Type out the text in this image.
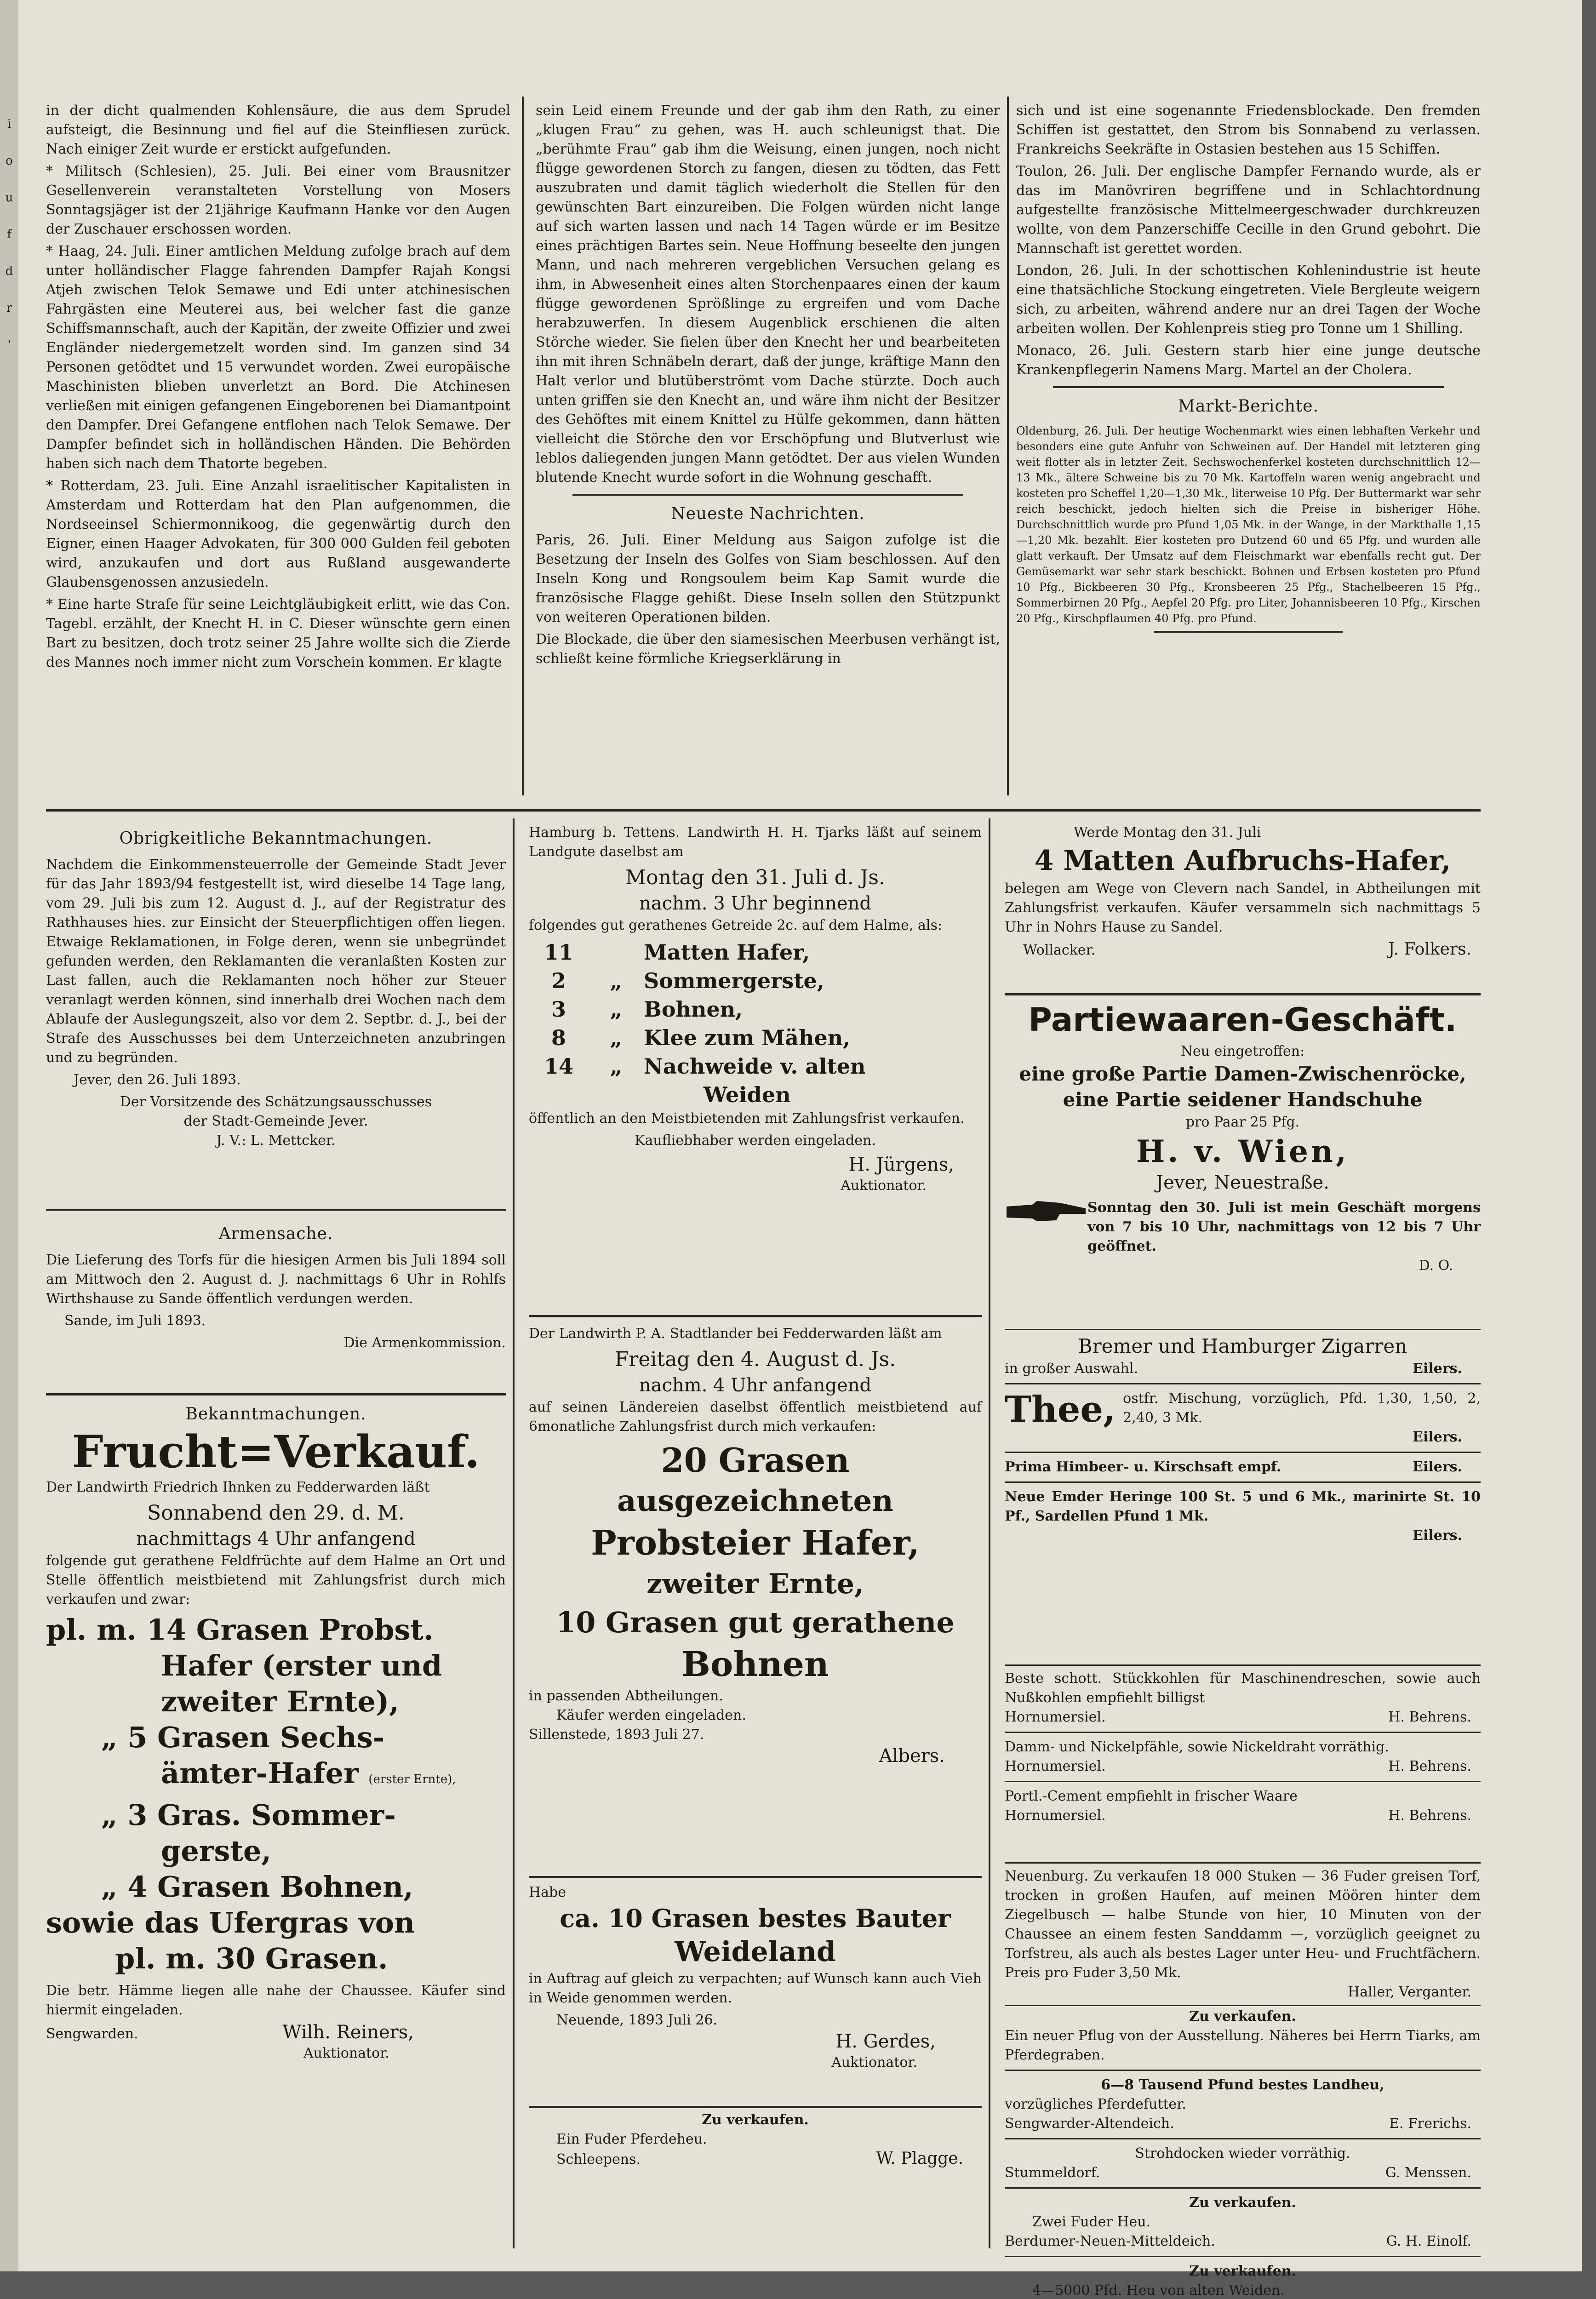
i
o
u
f
d
r
'

in der dicht qualmenden Kohlensäure, die aus dem Sprudel aufsteigt, die Besinnung und fiel auf die Steinfliesen zurück. Nach einiger Zeit wurde er erstickt aufgefunden.

* Militsch (Schlesien), 25. Juli. Bei einer vom Brausnitzer Gesellenverein veranstalteten Vorstellung von Mosers Sonntagsjäger ist der 21jährige Kaufmann Hanke vor den Augen der Zuschauer erschossen worden.

* Haag, 24. Juli. Einer amtlichen Meldung zufolge brach auf dem unter holländischer Flagge fahrenden Dampfer Rajah Kongsi Atjeh zwischen Telok Semawe und Edi unter atchinesischen Fahrgästen eine Meuterei aus, bei welcher fast die ganze Schiffsmannschaft, auch der Kapitän, der zweite Offizier und zwei Engländer niedergemetzelt worden sind. Im ganzen sind 34 Personen getödtet und 15 verwundet worden. Zwei europäische Maschinisten blieben unverletzt an Bord. Die Atchinesen verließen mit einigen gefangenen Eingeborenen bei Diamantpoint den Dampfer. Drei Gefangene entflohen nach Telok Semawe. Der Dampfer befindet sich in holländischen Händen. Die Behörden haben sich nach dem Thatorte begeben.

* Rotterdam, 23. Juli. Eine Anzahl israelitischer Kapitalisten in Amsterdam und Rotterdam hat den Plan aufgenommen, die Nordseeinsel Schiermonnikoog, die gegenwärtig durch den Eigner, einen Haager Advokaten, für 300 000 Gulden feil geboten wird, anzukaufen und dort aus Rußland ausgewanderte Glaubensgenossen anzusiedeln.

* Eine harte Strafe für seine Leichtgläubigkeit erlitt, wie das Con. Tagebl. erzählt, der Knecht H. in C. Dieser wünschte gern einen Bart zu besitzen, doch trotz seiner 25 Jahre wollte sich die Zierde des Mannes noch immer nicht zum Vorschein kommen. Er klagte

sein Leid einem Freunde und der gab ihm den Rath, zu einer „klugen Frau“ zu gehen, was H. auch schleunigst that. Die „berühmte Frau“ gab ihm die Weisung, einen jungen, noch nicht flügge gewordenen Storch zu fangen, diesen zu tödten, das Fett auszubraten und damit täglich wiederholt die Stellen für den gewünschten Bart einzureiben. Die Folgen würden nicht lange auf sich warten lassen und nach 14 Tagen würde er im Besitze eines prächtigen Bartes sein. Neue Hoffnung beseelte den jungen Mann, und nach mehreren vergeblichen Versuchen gelang es ihm, in Abwesenheit eines alten Storchenpaares einen der kaum flügge gewordenen Sprößlinge zu ergreifen und vom Dache herabzuwerfen. In diesem Augenblick erschienen die alten Störche wieder. Sie fielen über den Knecht her und bearbeiteten ihn mit ihren Schnäbeln derart, daß der junge, kräftige Mann den Halt verlor und blutüberströmt vom Dache stürzte. Doch auch unten griffen sie den Knecht an, und wäre ihm nicht der Besitzer des Gehöftes mit einem Knittel zu Hülfe gekommen, dann hätten vielleicht die Störche den vor Erschöpfung und Blutverlust wie leblos daliegenden jungen Mann getödtet. Der aus vielen Wunden blutende Knecht wurde sofort in die Wohnung geschafft.

Neueste Nachrichten.

Paris, 26. Juli. Einer Meldung aus Saigon zufolge ist die Besetzung der Inseln des Golfes von Siam beschlossen. Auf den Inseln Kong und Rongsoulem beim Kap Samit wurde die französische Flagge gehißt. Diese Inseln sollen den Stützpunkt von weiteren Operationen bilden.

Die Blockade, die über den siamesischen Meerbusen verhängt ist, schließt keine förmliche Kriegserklärung in

sich und ist eine sogenannte Friedensblockade. Den fremden Schiffen ist gestattet, den Strom bis Sonnabend zu verlassen. Frankreichs Seekräfte in Ostasien bestehen aus 15 Schiffen.

Toulon, 26. Juli. Der englische Dampfer Fernando wurde, als er das im Manövriren begriffene und in Schlachtordnung aufgestellte französische Mittelmeergeschwader durchkreuzen wollte, von dem Panzerschiffe Cecille in den Grund gebohrt. Die Mannschaft ist gerettet worden.

London, 26. Juli. In der schottischen Kohlenindustrie ist heute eine thatsächliche Stockung eingetreten. Viele Bergleute weigern sich, zu arbeiten, während andere nur an drei Tagen der Woche arbeiten wollen. Der Kohlenpreis stieg pro Tonne um 1 Shilling.

Monaco, 26. Juli. Gestern starb hier eine junge deutsche Krankenpflegerin Namens Marg. Martel an der Cholera.

Markt-Berichte.

Oldenburg, 26. Juli. Der heutige Wochenmarkt wies einen lebhaften Verkehr und besonders eine gute Anfuhr von Schweinen auf. Der Handel mit letzteren ging weit flotter als in letzter Zeit. Sechswochenferkel kosteten durchschnittlich 12—13 Mk., ältere Schweine bis zu 70 Mk. Kartoffeln waren wenig angebracht und kosteten pro Scheffel 1,20—1,30 Mk., literweise 10 Pfg. Der Buttermarkt war sehr reich beschickt, jedoch hielten sich die Preise in bisheriger Höhe. Durchschnittlich wurde pro Pfund 1,05 Mk. in der Wange, in der Markthalle 1,15—1,20 Mk. bezahlt. Eier kosteten pro Dutzend 60 und 65 Pfg. und wurden alle glatt verkauft. Der Umsatz auf dem Fleischmarkt war ebenfalls recht gut. Der Gemüsemarkt war sehr stark beschickt. Bohnen und Erbsen kosteten pro Pfund 10 Pfg., Bickbeeren 30 Pfg., Kronsbeeren 25 Pfg., Stachelbeeren 15 Pfg., Sommerbirnen 20 Pfg., Aepfel 20 Pfg. pro Liter, Johannisbeeren 10 Pfg., Kirschen 20 Pfg., Kirschpflaumen 40 Pfg. pro Pfund.

Obrigkeitliche Bekanntmachungen.

Nachdem die Einkommensteuerrolle der Gemeinde Stadt Jever für das Jahr 1893/94 festgestellt ist, wird dieselbe 14 Tage lang, vom 29. Juli bis zum 12. August d. J., auf der Registratur des Rathhauses hies. zur Einsicht der Steuerpflichtigen offen liegen. Etwaige Reklamationen, in Folge deren, wenn sie unbegründet gefunden werden, den Reklamanten die veranlaßten Kosten zur Last fallen, auch die Reklamanten noch höher zur Steuer veranlagt werden können, sind innerhalb drei Wochen nach dem Ablaufe der Auslegungszeit, also vor dem 2. Septbr. d. J., bei der Strafe des Ausschusses bei dem Unterzeichneten anzubringen und zu begründen.

Jever, den 26. Juli 1893.

Der Vorsitzende des Schätzungsausschusses

der Stadt-Gemeinde Jever.

J. V.: L. Mettcker.

Armensache.

Die Lieferung des Torfs für die hiesigen Armen bis Juli 1894 soll am Mittwoch den 2. August d. J. nachmittags 6 Uhr in Rohlfs Wirthshause zu Sande öffentlich verdungen werden.

Sande, im Juli 1893.

Die Armenkommission.

Bekanntmachungen.
Frucht=Verkauf.

Der Landwirth Friedrich Ihnken zu Fedderwarden läßt

Sonnabend den 29. d. M.
nachmittags 4 Uhr anfangend

folgende gut gerathene Feldfrüchte auf dem Halme an Ort und Stelle öffentlich meistbietend mit Zahlungsfrist durch mich verkaufen und zwar:

pl. m. 14 Grasen Probst.
Hafer (erster und
zweiter Ernte),
„ 5 Grasen Sechs-
ämter-Hafer (erster Ernte),
„ 3 Gras. Sommer-
gerste,
„ 4 Grasen Bohnen,
sowie das Ufergras von
pl. m. 30 Grasen.

Die betr. Hämme liegen alle nahe der Chaussee. Käufer sind hiermit eingeladen.

Sengwarden.	Wilh. Reiners,
Auktionator.

Hamburg b. Tettens. Landwirth H. H. Tjarks läßt auf seinem Landgute daselbst am

Montag den 31. Juli d. Js.
nachm. 3 Uhr beginnend

folgendes gut gerathenes Getreide 2c. auf dem Halme, als:

11	Matten Hafer,
2	„	Sommergerste,
3	„	Bohnen,
8	„	Klee zum Mähen,
14	„	Nachweide v. alten
Weiden

öffentlich an den Meistbietenden mit Zahlungsfrist verkaufen.

Kaufliebhaber werden eingeladen.

H. Jürgens,
Auktionator.

Der Landwirth P. A. Stadtlander bei Fedderwarden läßt am

Freitag den 4. August d. Js.
nachm. 4 Uhr anfangend

auf seinen Ländereien daselbst öffentlich meistbietend auf 6monatliche Zahlungsfrist durch mich verkaufen:

20 Grasen
ausgezeichneten
Probsteier Hafer,
zweiter Ernte,
10 Grasen gut gerathene
Bohnen

in passenden Abtheilungen.

Käufer werden eingeladen.

Sillenstede, 1893 Juli 27.

Albers.

Habe

ca. 10 Grasen bestes Bauter
Weideland

in Auftrag auf gleich zu verpachten; auf Wunsch kann auch Vieh in Weide genommen werden.

Neuende, 1893 Juli 26.

H. Gerdes,
Auktionator.
Zu verkaufen.

Ein Fuder Pferdeheu.

Schleepens.	W. Plagge.
Werde Montag den 31. Juli
4 Matten Aufbruchs-Hafer,

belegen am Wege von Clevern nach Sandel, in Abtheilungen mit Zahlungsfrist verkaufen. Käufer versammeln sich nachmittags 5 Uhr in Nohrs Hause zu Sandel.

Wollacker.	J. Folkers.
Partiewaaren-Geschäft.
Neu eingetroffen:
eine große Partie Damen-Zwischenröcke,
eine Partie seidener Handschuhe
pro Paar 25 Pfg.
H. v. Wien,
Jever, Neuestraße.

Sonntag den 30. Juli ist mein Geschäft morgens von 7 bis 10 Uhr, nachmittags von 12 bis 7 Uhr geöffnet.

D. O.
Bremer und Hamburger Zigarren
in großer Auswahl.	Eilers.
Thee, ostfr. Mischung, vorzüglich, Pfd. 1,30, 1,50, 2, 2,40, 3 Mk.

Eilers.
Prima Himbeer- u. Kirschsaft empf.	Eilers.

Neue Emder Heringe 100 St. 5 und 6 Mk., marinirte St. 10 Pf., Sardellen Pfund 1 Mk.

Eilers.

Beste schott. Stückkohlen für Maschinendreschen, sowie auch Nußkohlen empfiehlt billigst

Hornumersiel.	H. Behrens.

Damm- und Nickelpfähle, sowie Nickeldraht vorräthig.

Hornumersiel.	H. Behrens.

Portl.-Cement empfiehlt in frischer Waare

Hornumersiel.	H. Behrens.

Neuenburg. Zu verkaufen 18 000 Stuken — 36 Fuder greisen Torf, trocken in großen Haufen, auf meinen Möören hinter dem Ziegelbusch — halbe Stunde von hier, 10 Minuten von der Chaussee an einem festen Sanddamm —, vorzüglich geeignet zu Torfstreu, als auch als bestes Lager unter Heu- und Fruchtfächern. Preis pro Fuder 3,50 Mk.

Haller, Verganter.
Zu verkaufen.

Ein neuer Pflug von der Ausstellung. Näheres bei Herrn Tiarks, am Pferdegraben.

6—8 Tausend Pfund bestes Landheu,
vorzügliches Pferdefutter.
Sengwarder-Altendeich.	E. Frerichs.
Strohdocken wieder vorräthig.
Stummeldorf.	G. Menssen.
Zu verkaufen.
Zwei Fuder Heu.
Berdumer-Neuen-Mitteldeich.	G. H. Einolf.
Zu verkaufen.
4—5000 Pfd. Heu von alten Weiden.
